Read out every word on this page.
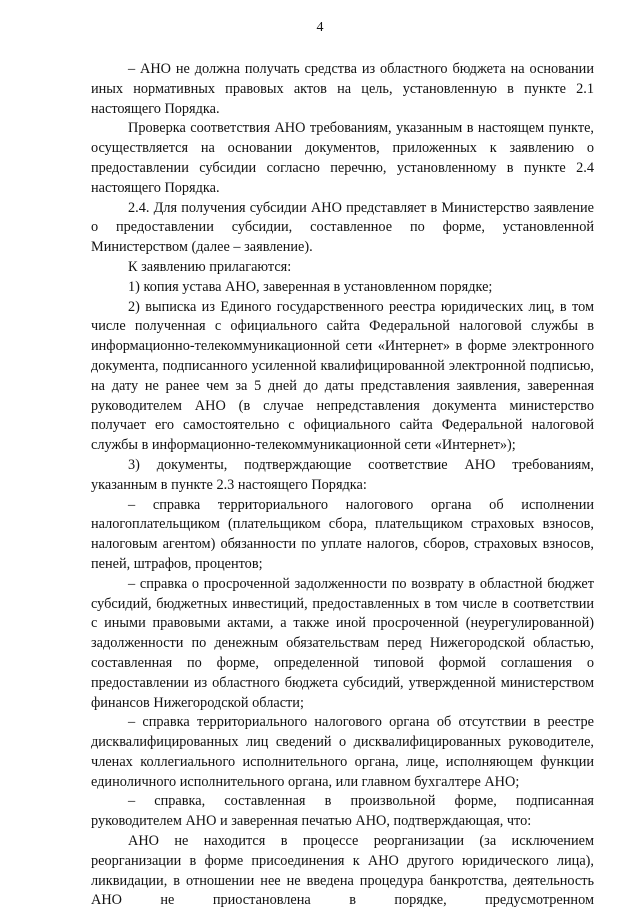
4

– АНО не должна получать средства из областного бюджета на основании иных нормативных правовых актов на цель, установленную в пункте 2.1 настоящего Порядка.

Проверка соответствия АНО требованиям, указанным в настоящем пункте, осуществляется на основании документов, приложенных к заявлению о предоставлении субсидии согласно перечню, установленному в пункте 2.4 настоящего Порядка.

2.4. Для получения субсидии АНО представляет в Министерство заявление о предоставлении субсидии, составленное по форме, установленной Министерством (далее – заявление).

К заявлению прилагаются:

1) копия устава АНО, заверенная в установленном порядке;

2) выписка из Единого государственного реестра юридических лиц, в том числе полученная с официального сайта Федеральной налоговой службы в информационно-телекоммуникационной сети «Интернет» в форме электронного документа, подписанного усиленной квалифицированной электронной подписью, на дату не ранее чем за 5 дней до даты представления заявления, заверенная руководителем АНО (в случае непредставления документа министерство получает его самостоятельно с официального сайта Федеральной налоговой службы в информационно-телекоммуникационной сети «Интернет»);

3) документы, подтверждающие соответствие АНО требованиям, указанным в пункте 2.3 настоящего Порядка:

– справка территориального налогового органа об исполнении налогоплательщиком (плательщиком сбора, плательщиком страховых взносов, налоговым агентом) обязанности по уплате налогов, сборов, страховых взносов, пеней, штрафов, процентов;

– справка о просроченной задолженности по возврату в областной бюджет субсидий, бюджетных инвестиций, предоставленных в том числе в соответствии с иными правовыми актами, а также иной просроченной (неурегулированной) задолженности по денежным обязательствам перед Нижегородской областью, составленная по форме, определенной типовой формой соглашения о предоставлении из областного бюджета субсидий, утвержденной министерством финансов Нижегородской области;

– справка территориального налогового органа об отсутствии в реестре дисквалифицированных лиц сведений о дисквалифицированных руководителе, членах коллегиального исполнительного органа, лице, исполняющем функции единоличного исполнительного органа, или главном бухгалтере АНО;

– справка, составленная в произвольной форме, подписанная руководителем АНО и заверенная печатью АНО, подтверждающая, что:

АНО не находится в процессе реорганизации (за исключением реорганизации в форме присоединения к АНО другого юридического лица), ликвидации, в отношении нее не введена процедура банкротства, деятельность АНО не приостановлена в порядке, предусмотренном
